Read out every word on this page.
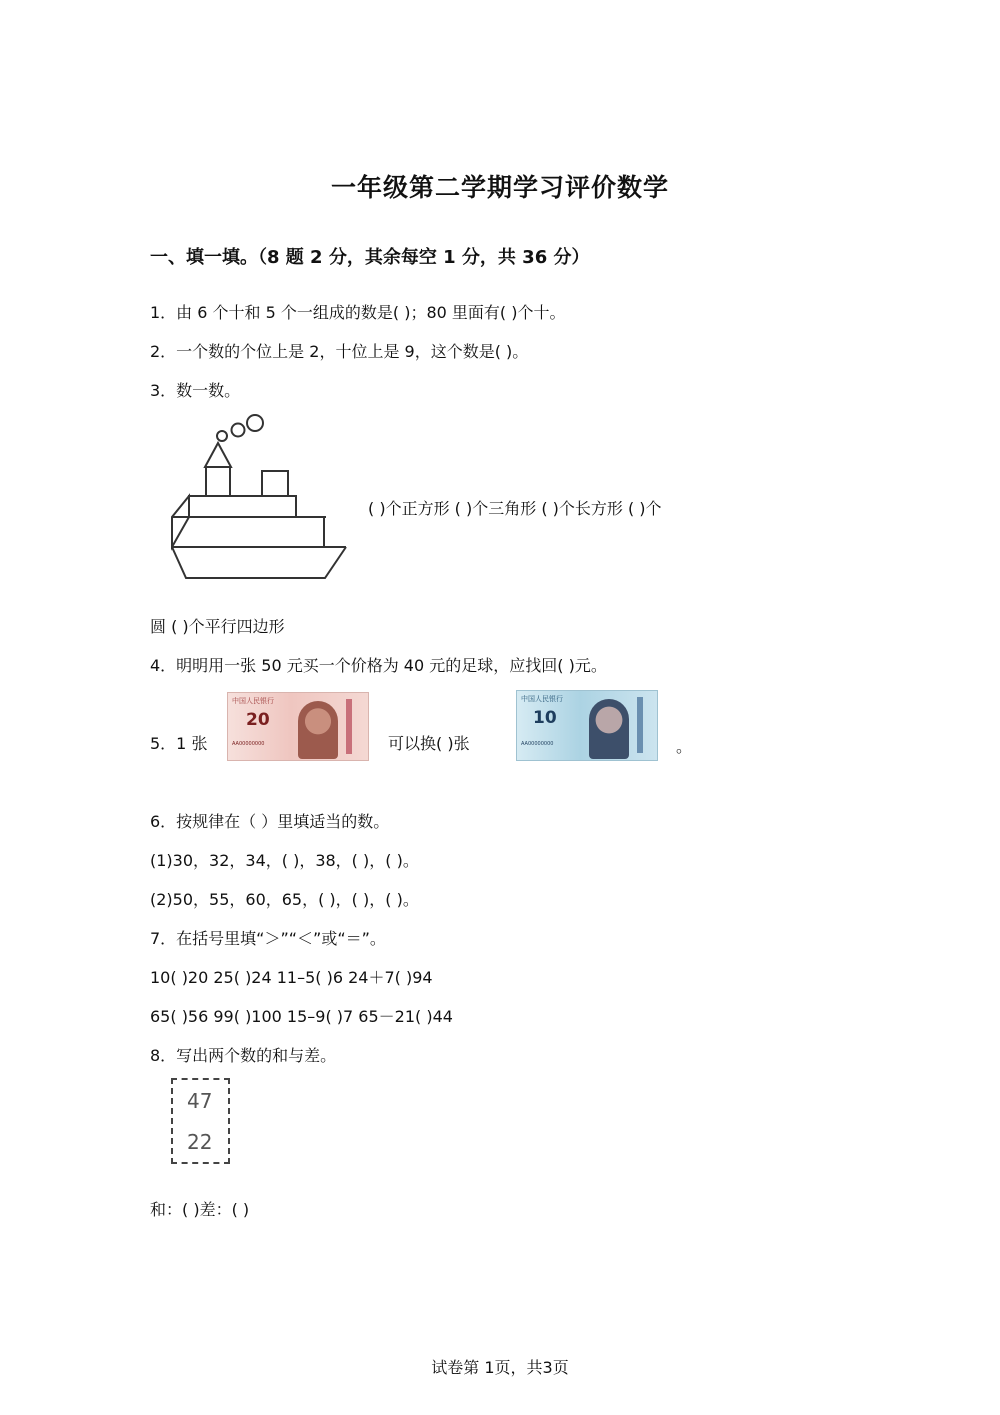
一年级第二学期学习评价数学
一、填一填。（8 题 2 分，其余每空 1 分，共 36 分）
1．由 6 个十和 5 个一组成的数是( )；80 里面有( )个十。
2．一个数的个位上是 2，十位上是 9，这个数是( )。
3．数一数。
( )个正方形 ( )个三角形 ( )个长方形 ( )个
圆 ( )个平行四边形
4．明明用一张 50 元买一个价格为 40 元的足球，应找回( )元。
5．1 张
中国人民银行
20
AA00000000	可以换( )张
中国人民银行
10
AA00000000	。
6．按规律在（ ）里填适当的数。
(1)30，32，34，( )，38，( )，( )。
(2)50，55，60，65，( )，( )，( )。
7．在括号里填“＞”“＜”或“＝”。
10( )20 25( )24 11–5( )6 24＋7( )94
65( )56 99( )100 15–9( )7 65－21( )44
8．写出两个数的和与差。
47
22
和：( )差：( )
试卷第 1页，共3页
